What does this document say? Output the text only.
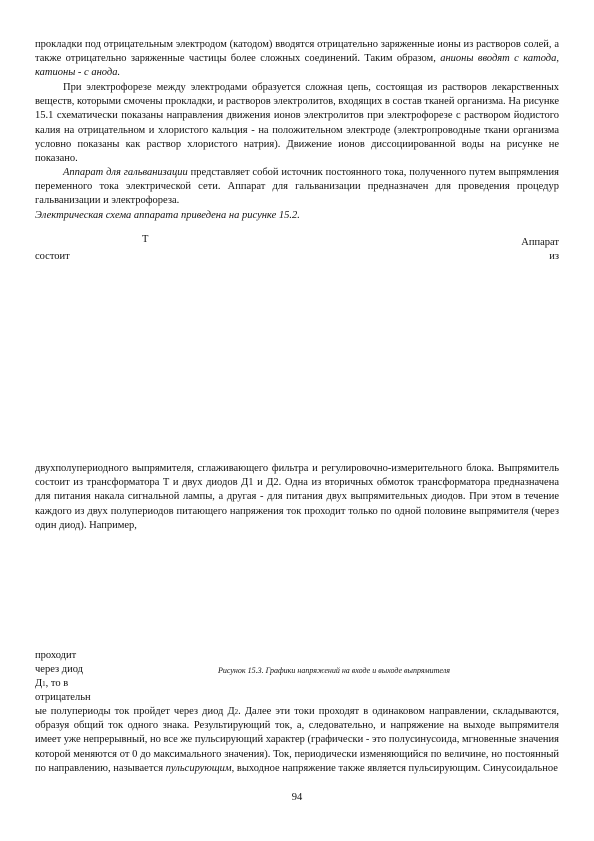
прокладки под отрицательным электродом (катодом) вводятся отрицательно заряженные ионы из растворов солей, а также отрицательно заряженные частицы более сложных соединений. Таким образом, анионы вводят с катода, катионы - с анода.

При электрофорезе между электродами образуется сложная цепь, состоящая из растворов лекарственных веществ, которыми смочены прокладки, и растворов электролитов, входящих в состав тканей организма. На рисунке 15.1 схематически показаны направления движения ионов электролитов при электрофорезе с раствором йодистого калия на отрицательном и хлористого кальция - на положительном электроде (электропроводные ткани организма условно показаны как раствор хлористого натрия). Движение ионов диссоциированной воды на рисунке не показано.

Аппарат для гальванизации представляет собой источник постоянного тока, полученного путем выпрямления переменного тока электрической сети. Аппарат для гальванизации предназначен для проведения процедур гальванизации и электрофореза.

Электрическая схема аппарата приведена на рисунке 15.2.

Т	Аппарат
состоит	из

двухполупериодного выпрямителя, сглаживающего фильтра и регулировочно-измерительного блока. Выпрямитель состоит из трансформатора Т и двух диодов Д1 и Д2. Одна из вторичных обмоток трансформатора предназначена для питания накала сигнальной лампы, а другая - для питания двух выпрямительных диодов. При этом в течение каждого из двух полупериодов питающего напряжения ток проходит только по одной половине выпрямителя (через один диод). Например,

проходит
через диод
Д1, то в
отрицательн
Рисунок 15.3. Графики напряжений на входе и выходе выпрямителя

ые полупериоды ток пройдет через диод Д2. Далее эти токи проходят в одинаковом направлении, складываются, образуя общий ток одного знака. Результирующий ток, а, следовательно, и напряжение на выходе выпрямителя имеет уже непрерывный, но все же пульсирующий характер (графически - это полусинусоида, мгновенные значения которой меняются от 0 до максимального значения). Ток, периодически изменяющийся по величине, но постоянный по направлению, называется пульсирующим, выходное напряжение также является пульсирующим. Синусоидальное

94
